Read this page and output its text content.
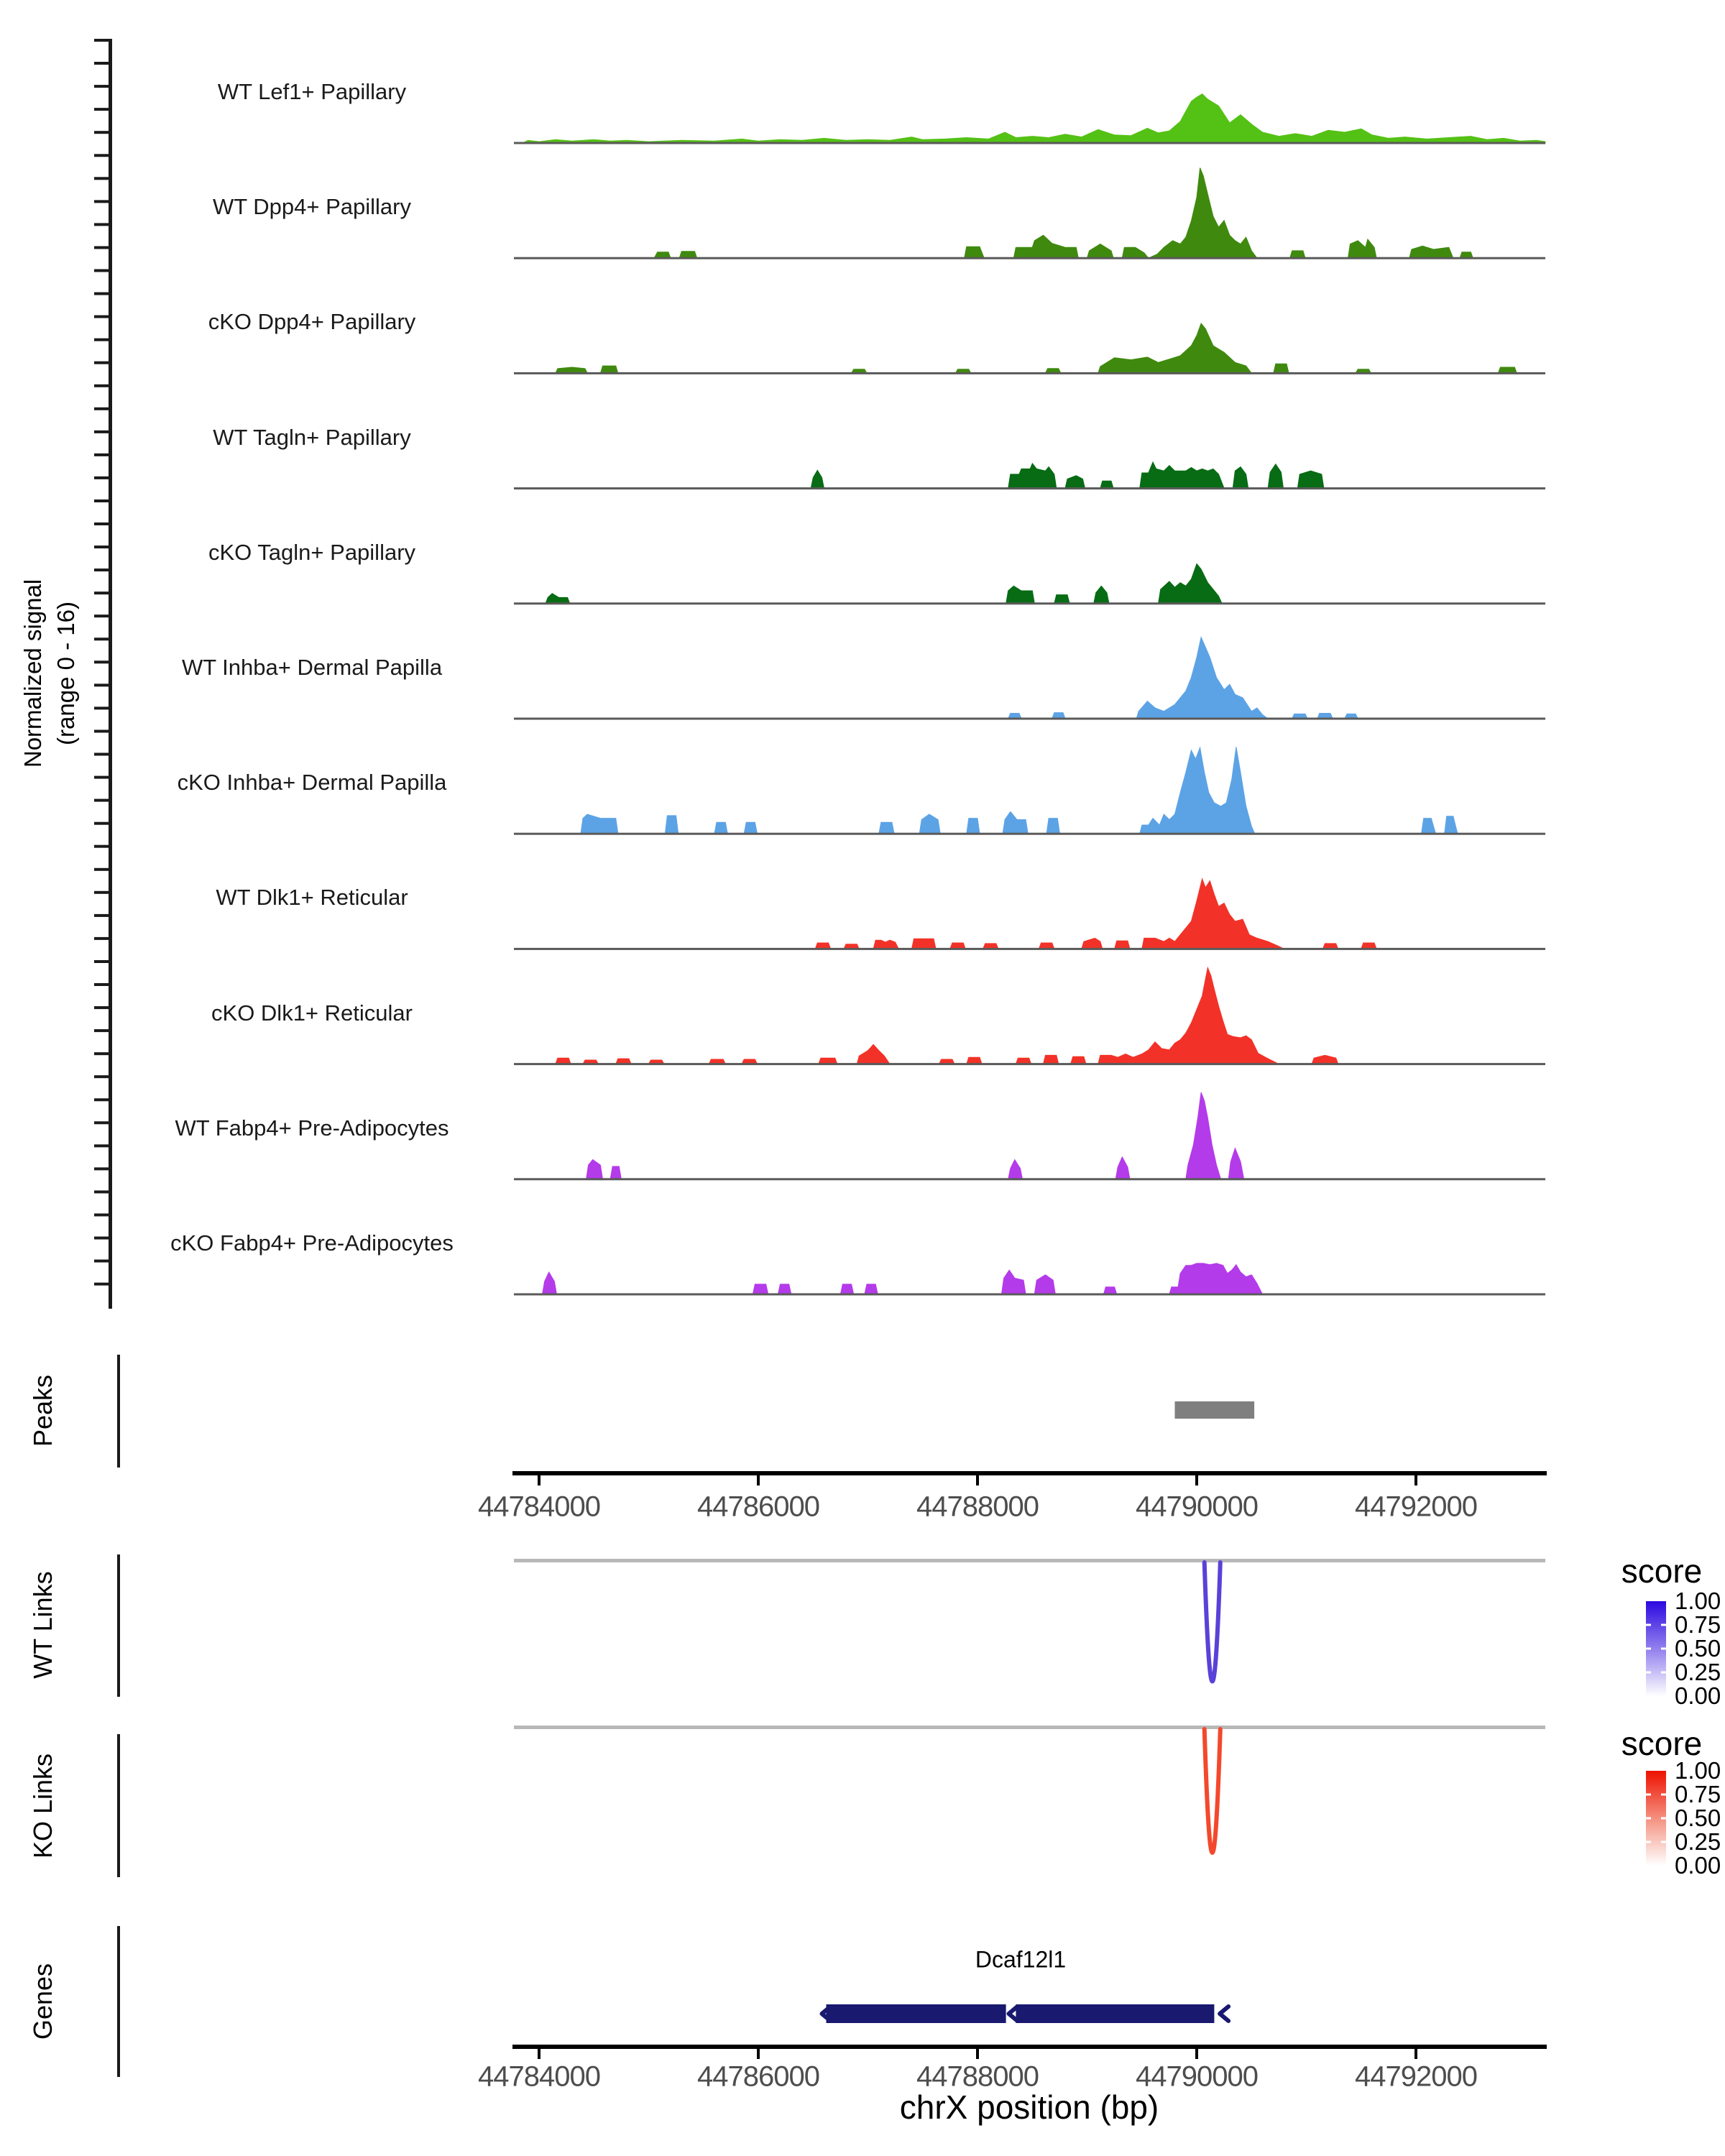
Normalized signal (range 0 - 16)
Peaks
WT Links
KO Links
Genes
score
score
Dcaf12l1
chrX position (bp)
WT Lef1+ Papillary
WT Dpp4+ Papillary
cKO Dpp4+ Papillary
WT Tagln+ Papillary
cKO Tagln+ Papillary
WT Inhba+ Dermal Papilla
cKO Inhba+ Dermal Papilla
WT Dlk1+ Reticular
cKO Dlk1+ Reticular
WT Fabp4+ Pre-Adipocytes
cKO Fabp4+ Pre-Adipocytes
44784000	44786000	44788000	44790000	44792000
44784000	44786000	44788000	44790000	44792000
1.00
0.75
0.50
0.25
0.00
1.00
0.75
0.50
0.25
0.00
